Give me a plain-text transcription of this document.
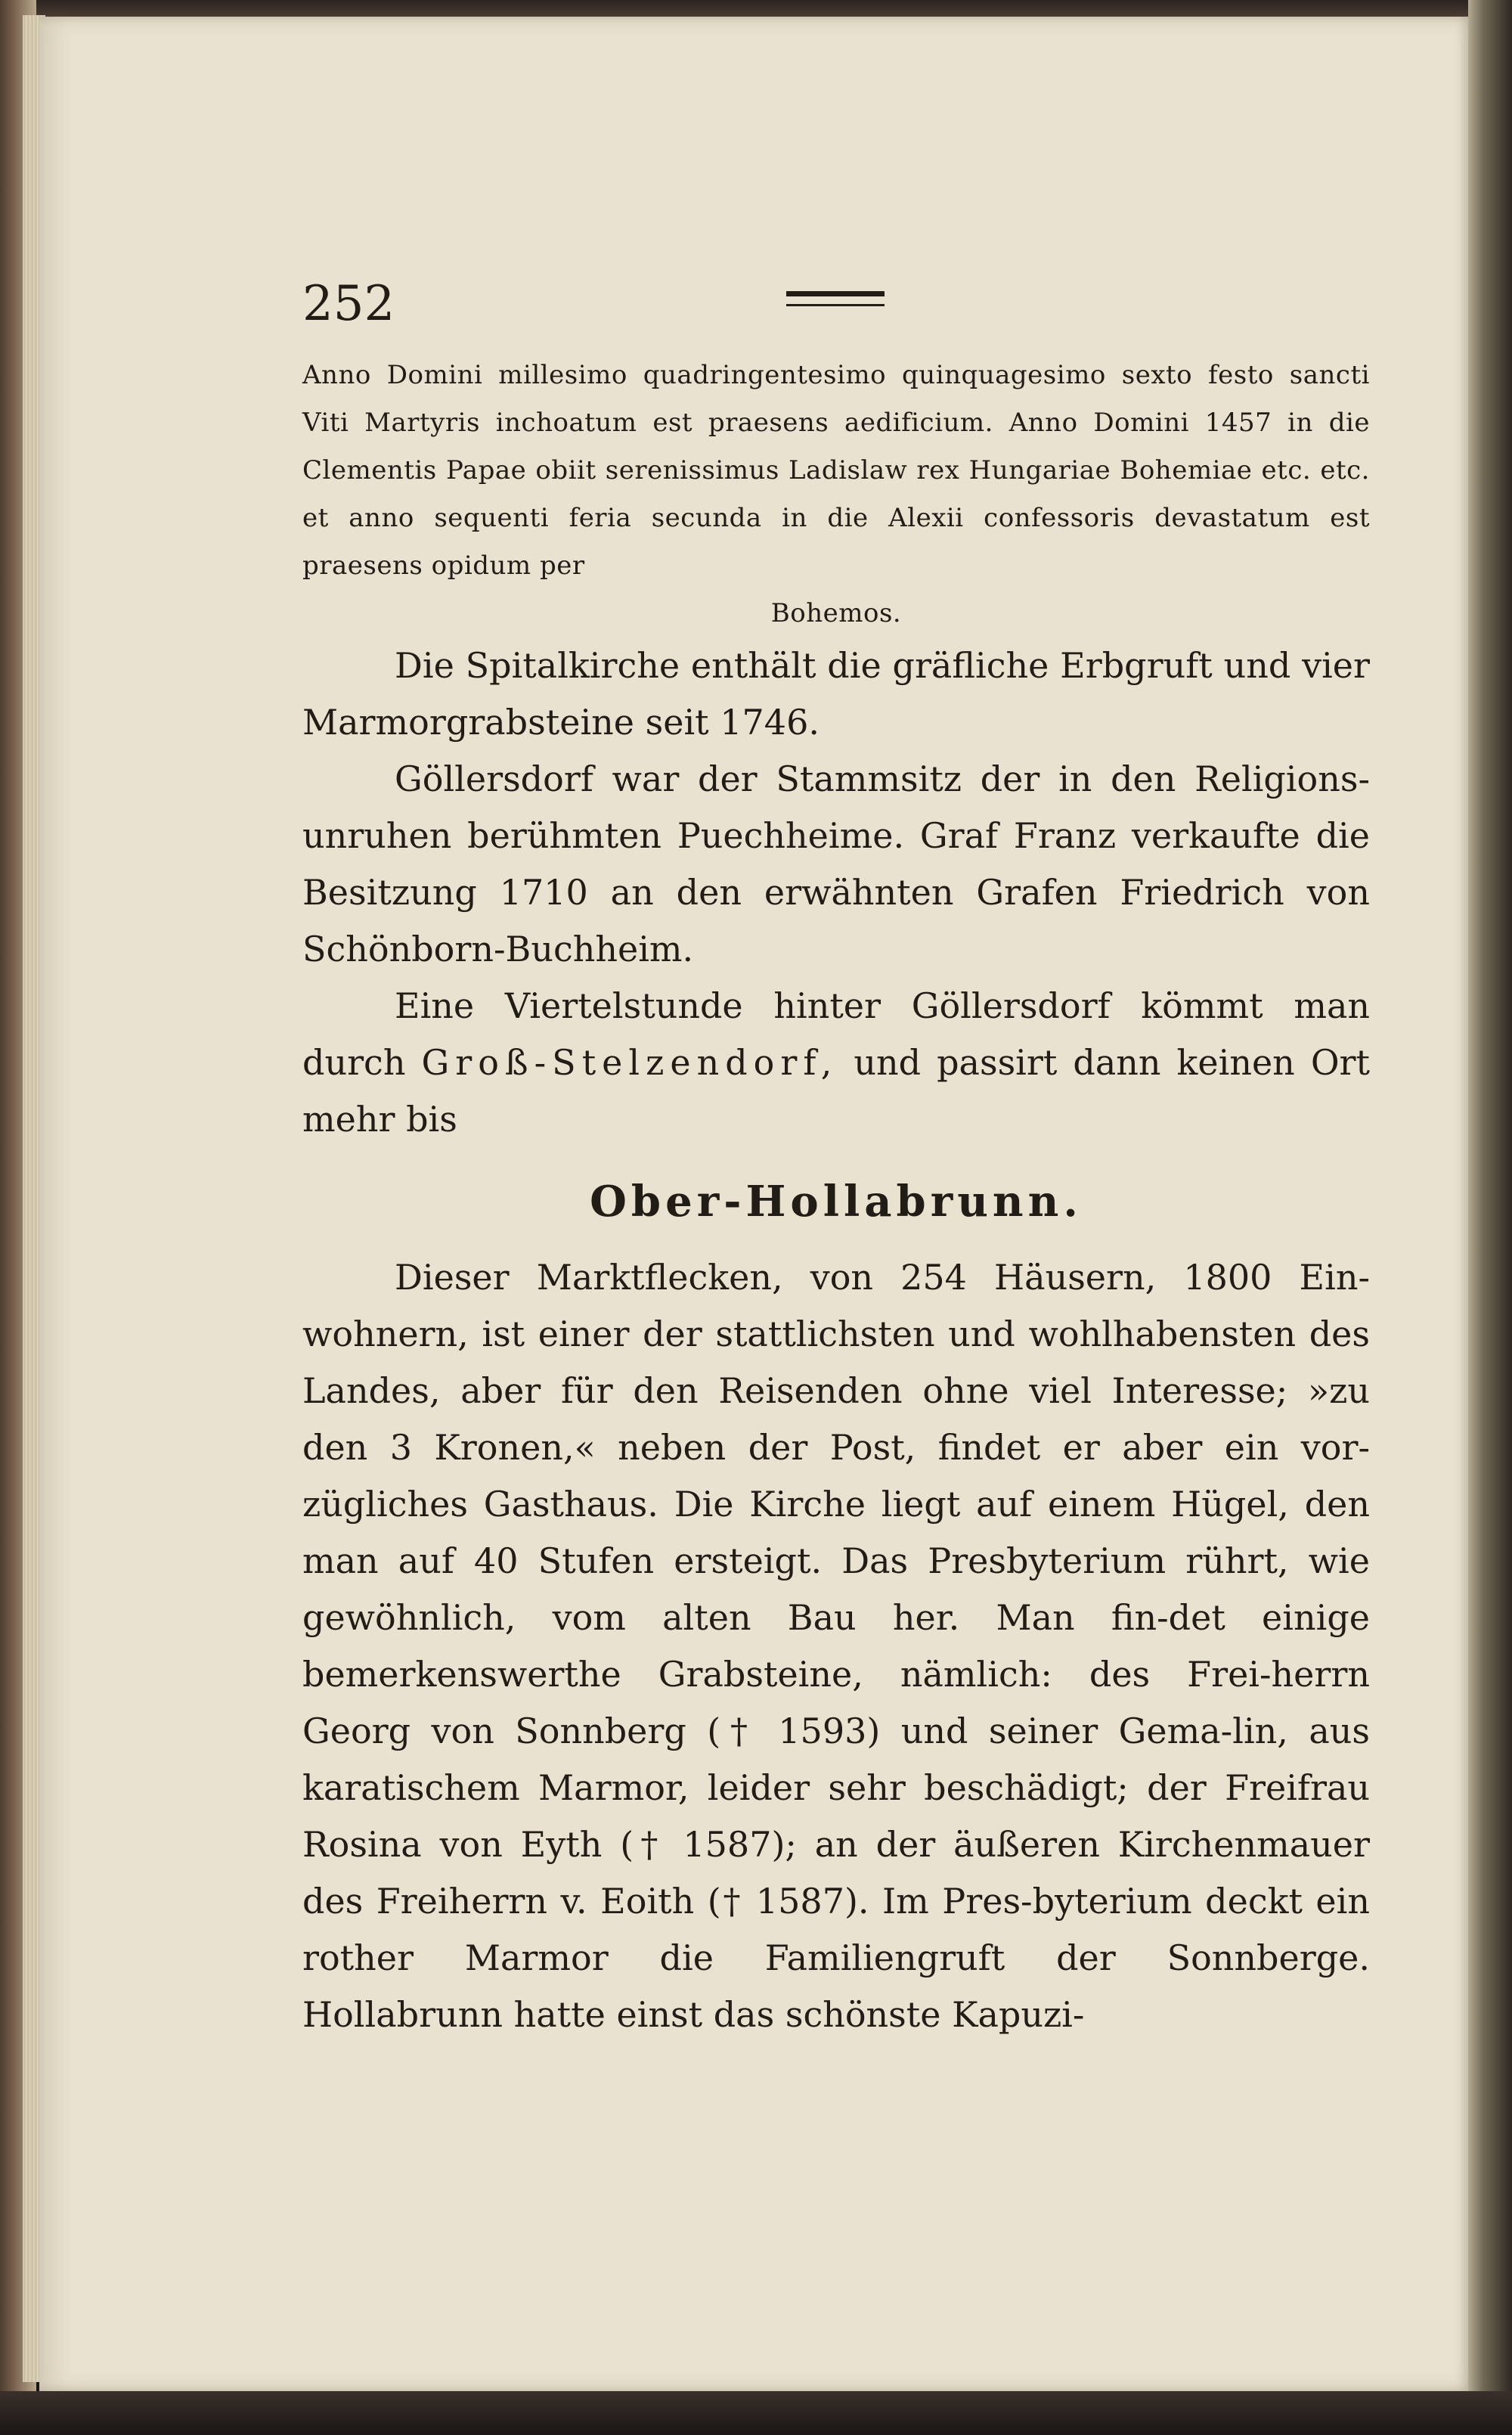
252
Anno Domini millesimo quadringentesimo quinquagesimo sexto festo sancti Viti Martyris inchoatum est praesens aedificium. Anno Domini 1457 in die Clementis Papae obiit serenissimus Ladislaw rex Hungariae Bohemiae etc. etc. et anno sequenti feria secunda in die Alexii confessoris devastatum est praesens opidum per
Bohemos.

Die Spitalkirche enthält die gräfliche Erbgruft und vier Marmorgrabsteine seit 1746.

Göllersdorf war der Stammsitz der in den Religions-unruhen berühmten Puechheime. Graf Franz verkaufte die Besitzung 1710 an den erwähnten Grafen Friedrich von Schönborn-Buchheim.

Eine Viertelstunde hinter Göllersdorf kömmt man durch Groß-Stelzendorf, und passirt dann keinen Ort mehr bis

Ober-Hollabrunn.

Dieser Marktflecken, von 254 Häusern, 1800 Ein-wohnern, ist einer der stattlichsten und wohlhabensten des Landes, aber für den Reisenden ohne viel Interesse; »zu den 3 Kronen,« neben der Post, findet er aber ein vor-zügliches Gasthaus. Die Kirche liegt auf einem Hügel, den man auf 40 Stufen ersteigt. Das Presbyterium rührt, wie gewöhnlich, vom alten Bau her. Man fin-det einige bemerkenswerthe Grabsteine, nämlich: des Frei-herrn Georg von Sonnberg († 1593) und seiner Gema-lin, aus karatischem Marmor, leider sehr beschädigt; der Freifrau Rosina von Eyth († 1587); an der äußeren Kirchenmauer des Freiherrn v. Eoith († 1587). Im Pres-byterium deckt ein rother Marmor die Familiengruft der Sonnberge. Hollabrunn hatte einst das schönste Kapuzi-
